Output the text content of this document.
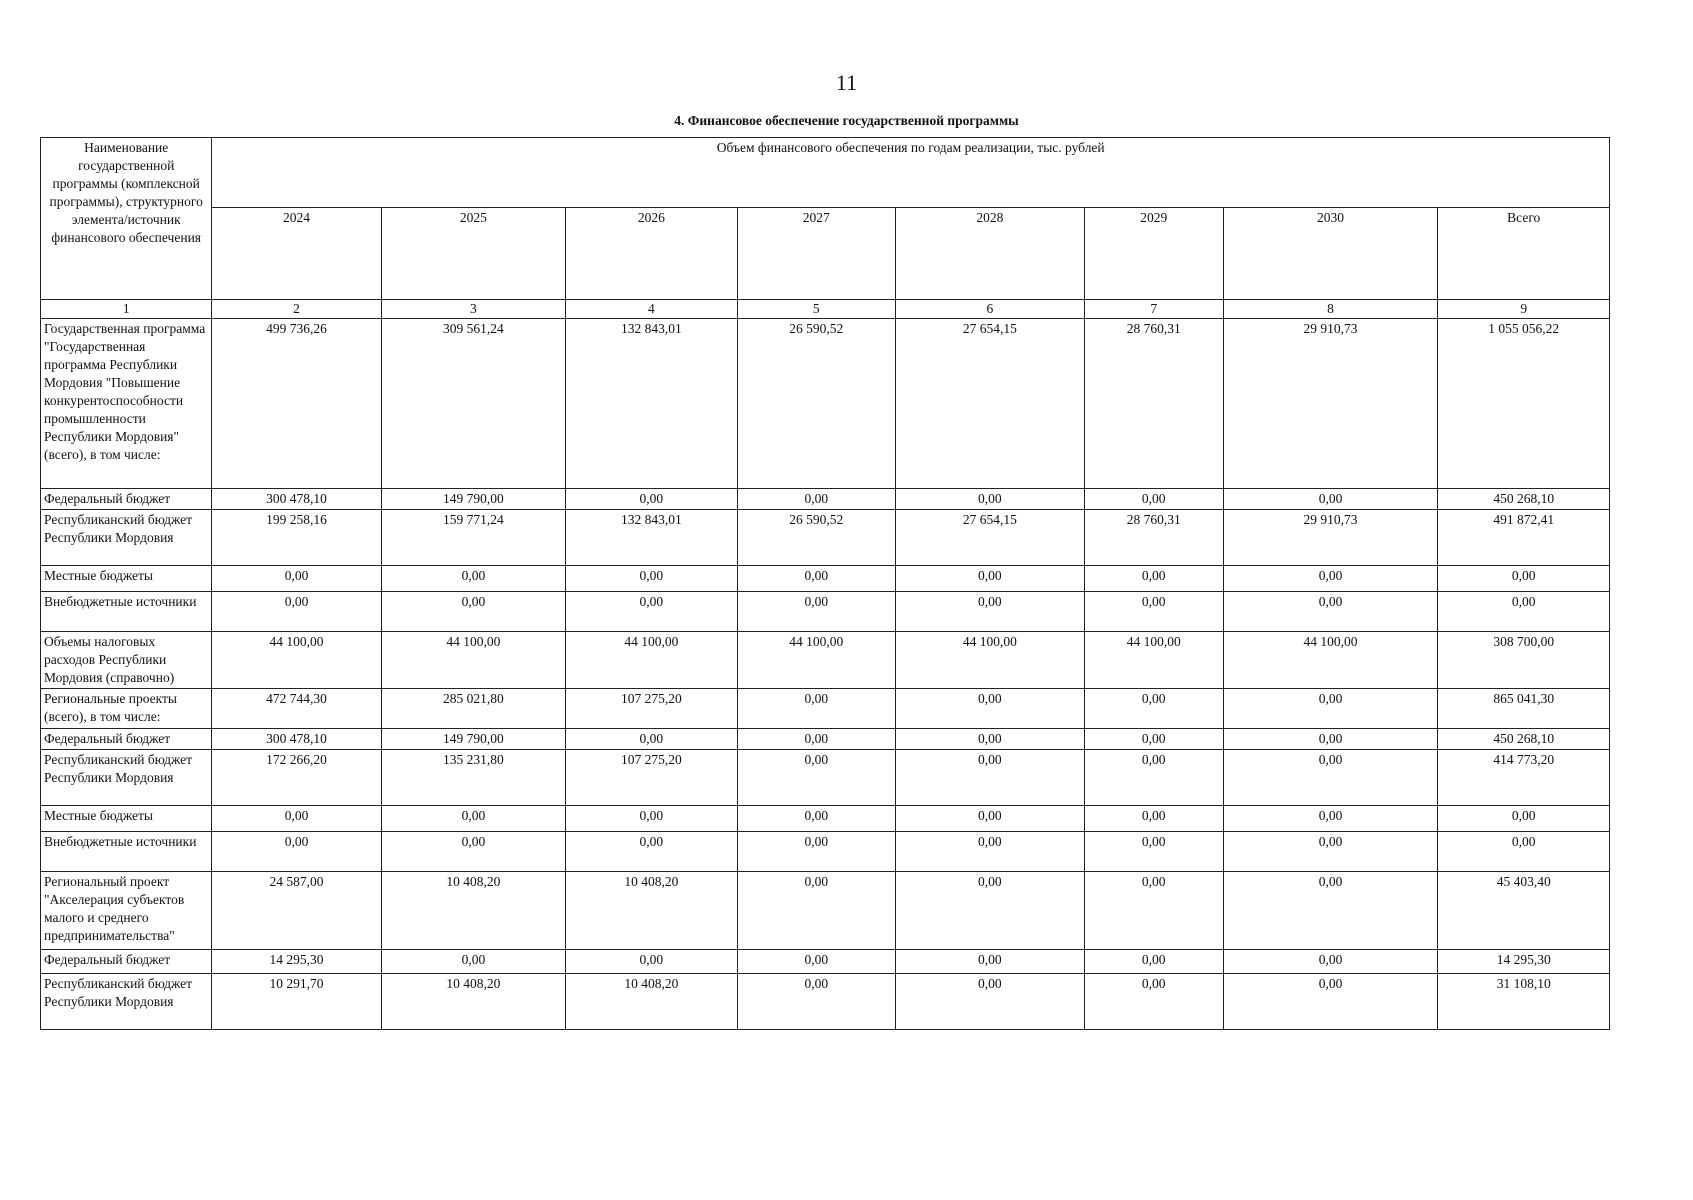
11
4. Финансовое обеспечение государственной программы
Наименование государственной программы (комплексной программы), структурного элемента/источник финансового обеспечения	Объем финансового обеспечения по годам реализации, тыс. рублей							
	2024	2025	2026	2027	2028	2029	2030	Всего
1	2	3	4	5	6	7	8	9
Государственная программа "Государственная программа Республики Мордовия "Повышение конкурентоспособности промышленности Республики Мордовия" (всего), в том числе:	499 736,26	309 561,24	132 843,01	26 590,52	27 654,15	28 760,31	29 910,73	1 055 056,22
Федеральный бюджет	300 478,10	149 790,00	0,00	0,00	0,00	0,00	0,00	450 268,10
Республиканский бюджет Республики Мордовия	199 258,16	159 771,24	132 843,01	26 590,52	27 654,15	28 760,31	29 910,73	491 872,41
Местные бюджеты	0,00	0,00	0,00	0,00	0,00	0,00	0,00	0,00
Внебюджетные источники	0,00	0,00	0,00	0,00	0,00	0,00	0,00	0,00
Объемы налоговых расходов Республики Мордовия (справочно)	44 100,00	44 100,00	44 100,00	44 100,00	44 100,00	44 100,00	44 100,00	308 700,00
Региональные проекты (всего), в том числе:	472 744,30	285 021,80	107 275,20	0,00	0,00	0,00	0,00	865 041,30
Федеральный бюджет	300 478,10	149 790,00	0,00	0,00	0,00	0,00	0,00	450 268,10
Республиканский бюджет Республики Мордовия	172 266,20	135 231,80	107 275,20	0,00	0,00	0,00	0,00	414 773,20
Местные бюджеты	0,00	0,00	0,00	0,00	0,00	0,00	0,00	0,00
Внебюджетные источники	0,00	0,00	0,00	0,00	0,00	0,00	0,00	0,00
Региональный проект "Акселерация субъектов малого и среднего предпринимательства"	24 587,00	10 408,20	10 408,20	0,00	0,00	0,00	0,00	45 403,40
Федеральный бюджет	14 295,30	0,00	0,00	0,00	0,00	0,00	0,00	14 295,30
Республиканский бюджет Республики Мордовия	10 291,70	10 408,20	10 408,20	0,00	0,00	0,00	0,00	31 108,10
